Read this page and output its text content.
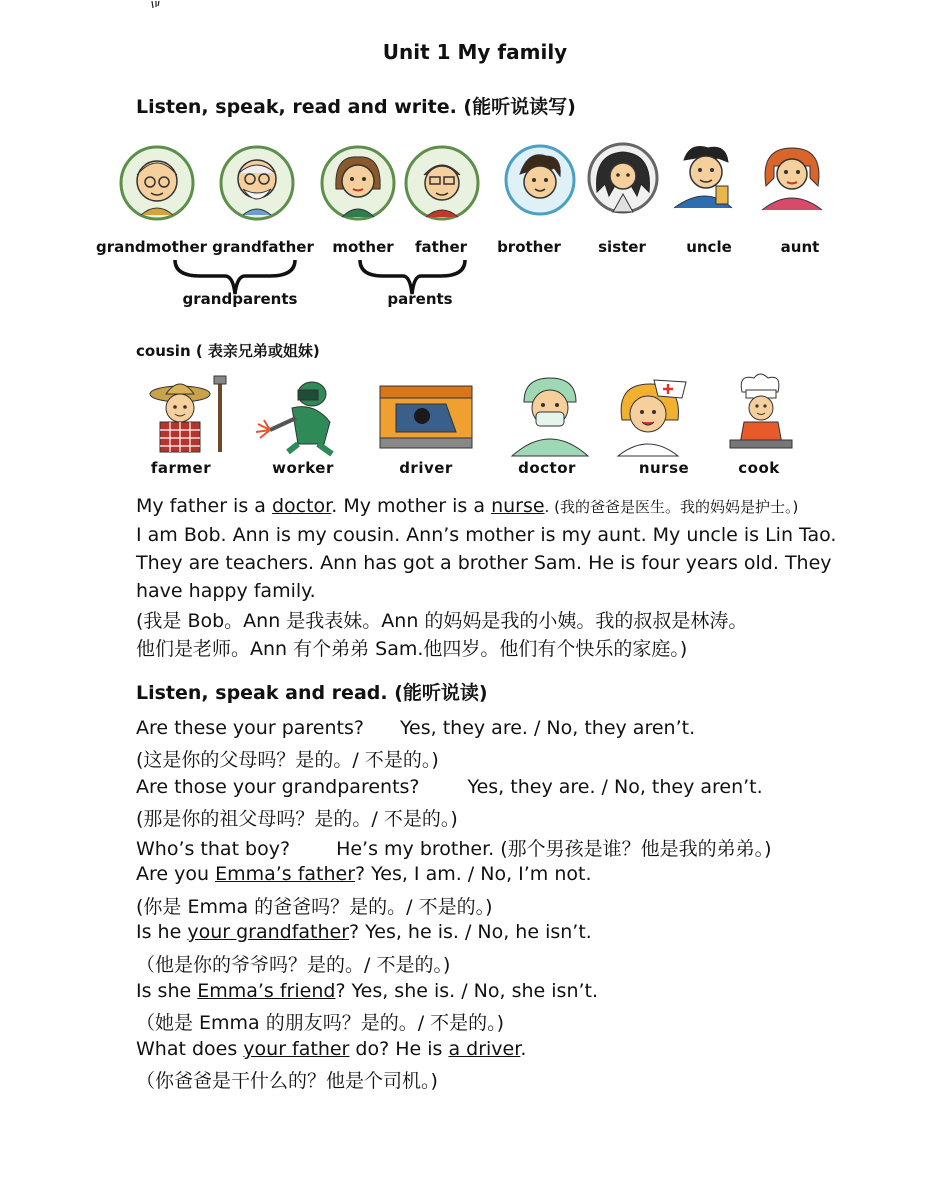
Unit 1 My family
Listen, speak, read and write. (能听说读写)
grandmother grandfather	mother	father	brother	sister	uncle	aunt
grandparents	parents
cousin ( 表亲兄弟或姐妹)
farmer	worker	driver	doctor	nurse	cook
My father is a doctor. My mother is a nurse. (我的爸爸是医生。我的妈妈是护士。)
I am Bob. Ann is my cousin. Ann’s mother is my aunt. My uncle is Lin Tao.
They are teachers. Ann has got a brother Sam. He is four years old. They
have happy family.
(我是 Bob。Ann 是我表妹。Ann 的妈妈是我的小姨。我的叔叔是林涛。
他们是老师。Ann 有个弟弟 Sam.他四岁。他们有个快乐的家庭。)
Listen, speak and read. (能听说读)
Are these your parents? Yes, they are. / No, they aren’t.
(这是你的父母吗？是的。/ 不是的。)
Are those your grandparents?	Yes, they are. / No, they aren’t.
(那是你的祖父母吗？是的。/ 不是的。)
Who’s that boy? He’s my brother. (那个男孩是谁？他是我的弟弟。)
Are you Emma’s father? Yes, I am. / No, I’m not.
(你是 Emma 的爸爸吗？是的。/ 不是的。)
Is he your grandfather? Yes, he is. / No, he isn’t.
（他是你的爷爷吗？是的。/ 不是的。)
Is she Emma’s friend? Yes, she is. / No, she isn’t.
（她是 Emma 的朋友吗？是的。/ 不是的。)
What does your father do? He is a driver.
（你爸爸是干什么的？他是个司机。)
